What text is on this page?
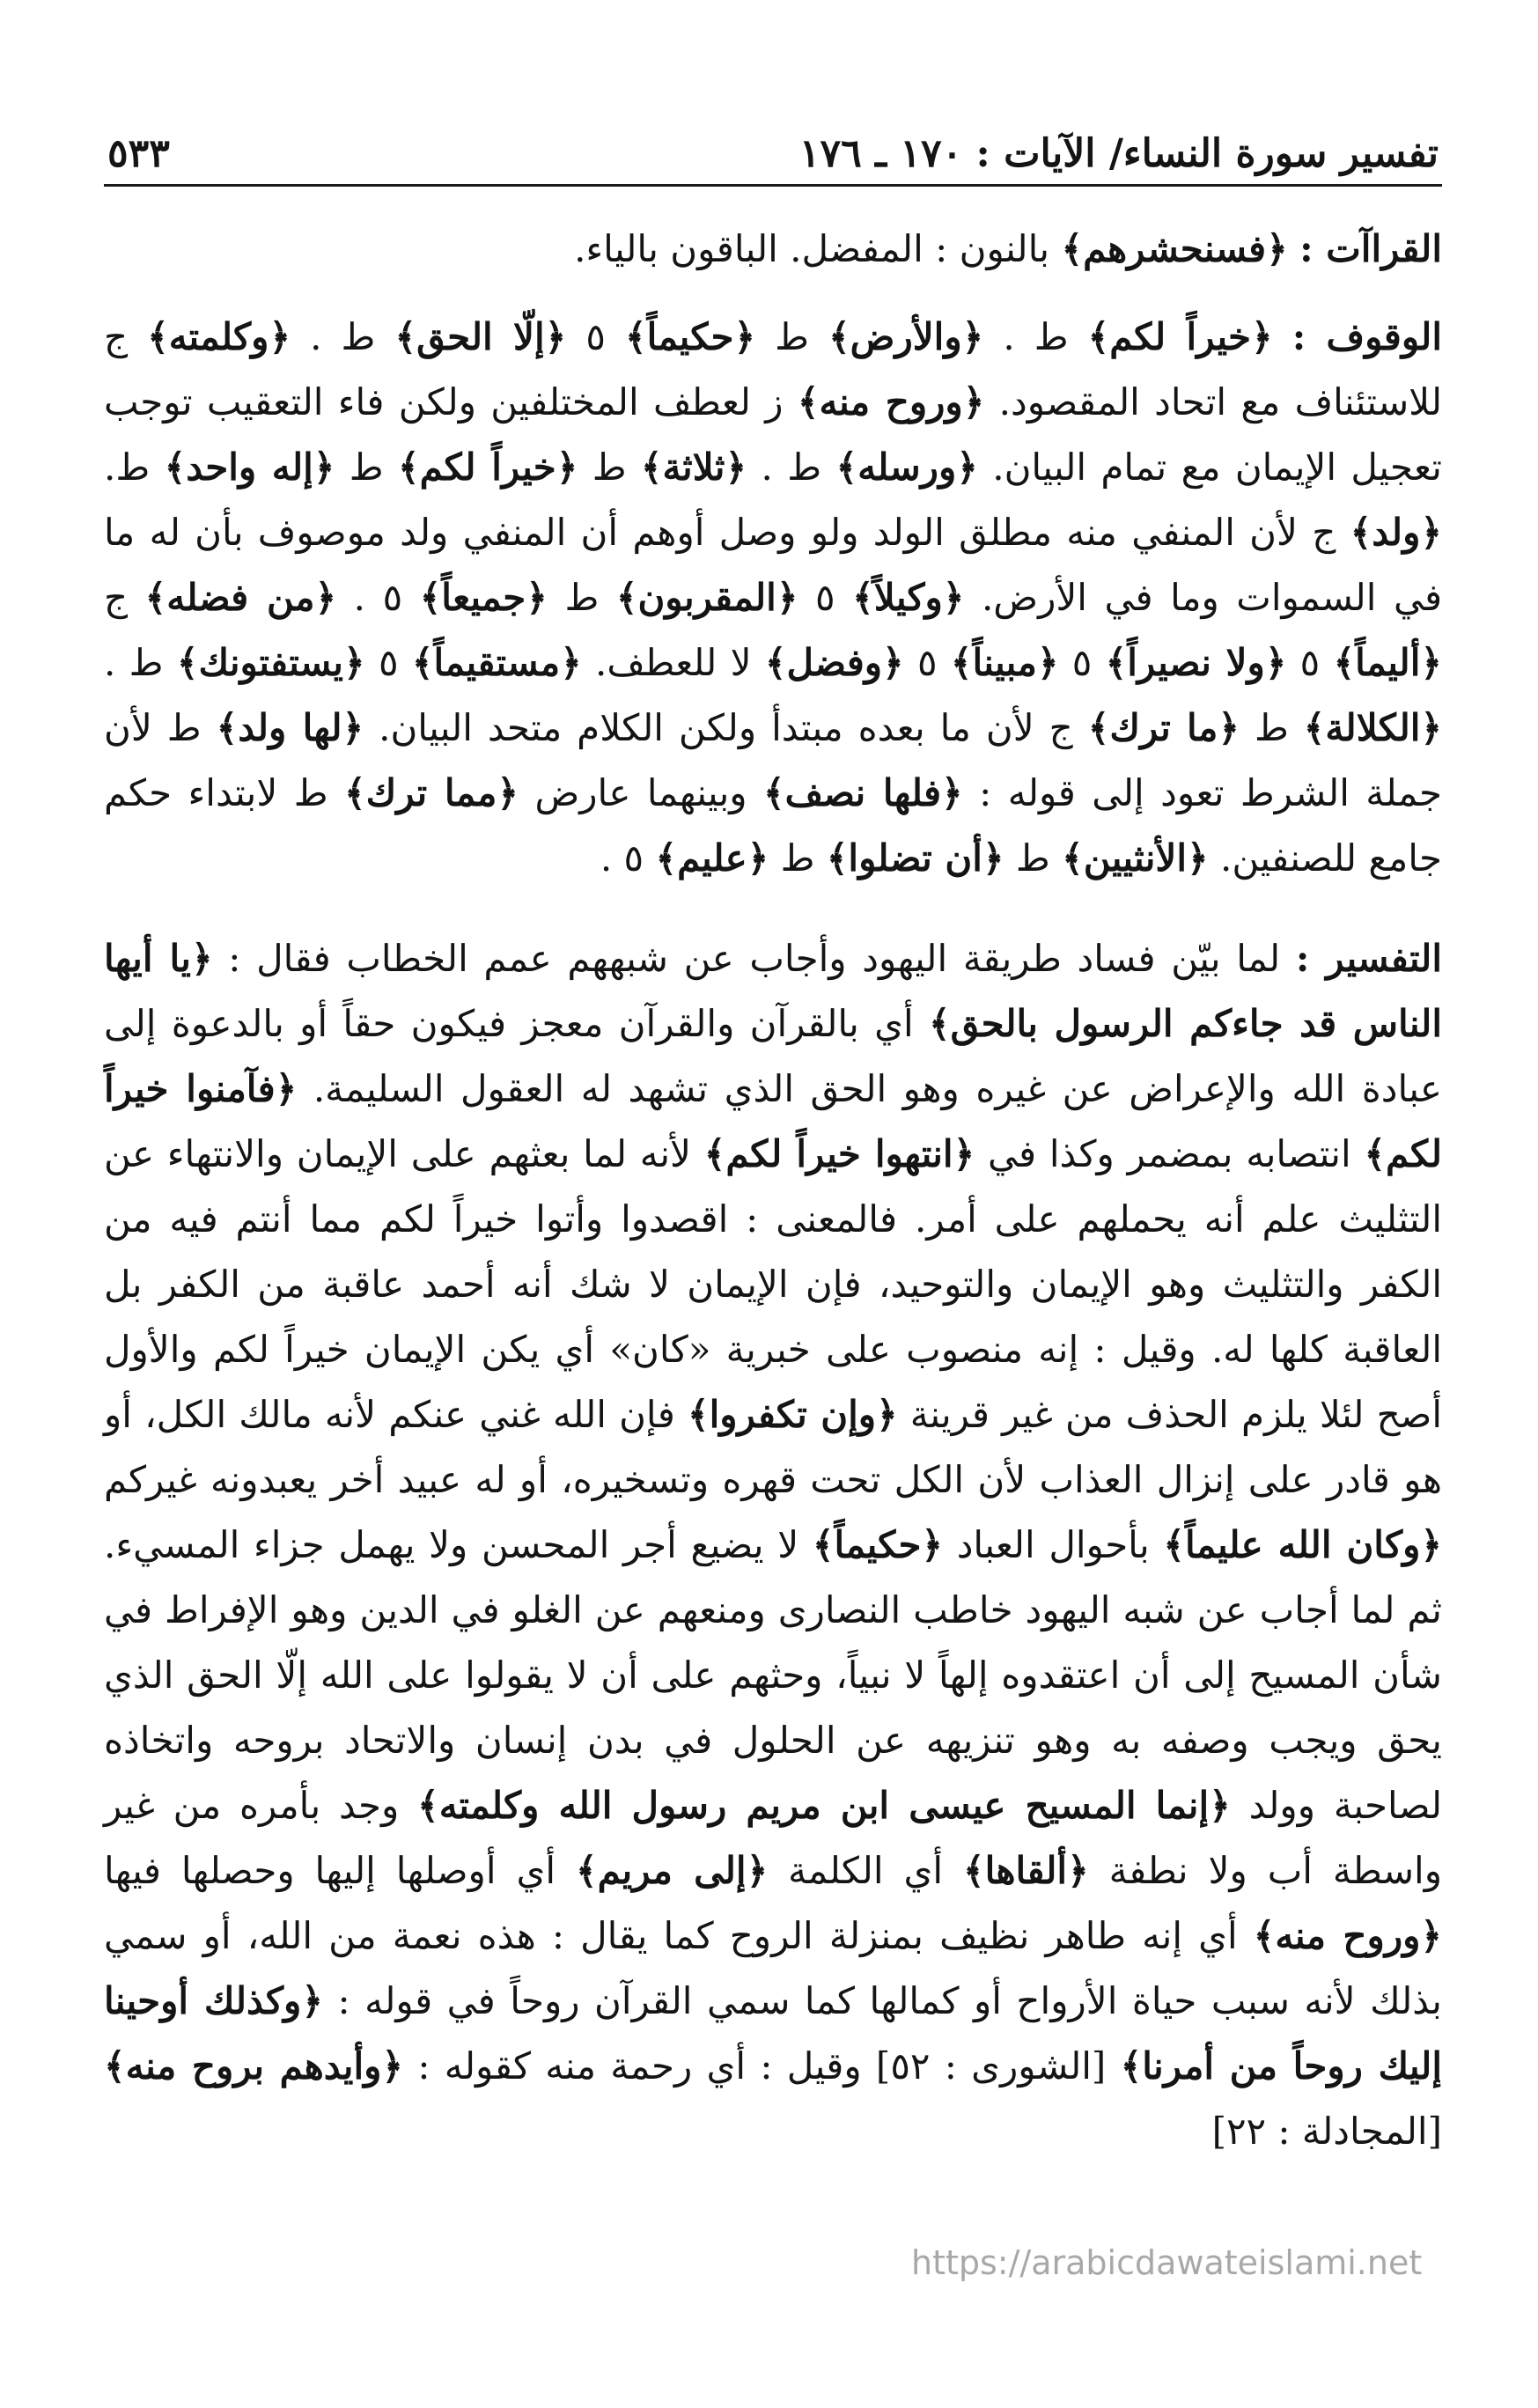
تفسير سورة النساء/ الآيات : ١٧٠ ـ ١٧٦
٥٣٣

القراآت : ﴿فسنحشرهم﴾ بالنون : المفضل. الباقون بالياء.

الوقوف : ﴿خيراً لكم﴾ ط . ﴿والأرض﴾ ط ﴿حكيماً﴾ ٥ ﴿إلّا الحق﴾ ط . ﴿وكلمته﴾ ج للاستئناف مع اتحاد المقصود. ﴿وروح منه﴾ ز لعطف المختلفين ولكن فاء التعقيب توجب تعجيل الإيمان مع تمام البيان. ﴿ورسله﴾ ط . ﴿ثلاثة﴾ ط ﴿خيراً لكم﴾ ط ﴿إله واحد﴾ ط. ﴿ولد﴾ ج لأن المنفي منه مطلق الولد ولو وصل أوهم أن المنفي ولد موصوف بأن له ما في السموات وما في الأرض. ﴿وكيلاً﴾ ٥ ﴿المقربون﴾ ط ﴿جميعاً﴾ ٥ . ﴿من فضله﴾ ج ﴿أليماً﴾ ٥ ﴿ولا نصيراً﴾ ٥ ﴿مبيناً﴾ ٥ ﴿وفضل﴾ لا للعطف. ﴿مستقيماً﴾ ٥ ﴿يستفتونك﴾ ط . ﴿الكلالة﴾ ط ﴿ما ترك﴾ ج لأن ما بعده مبتدأ ولكن الكلام متحد البيان. ﴿لها ولد﴾ ط لأن جملة الشرط تعود إلى قوله : ﴿فلها نصف﴾ وبينهما عارض ﴿مما ترك﴾ ط لابتداء حكم جامع للصنفين. ﴿الأنثيين﴾ ط ﴿أن تضلوا﴾ ط ﴿عليم﴾ ٥ .

التفسير : لما بيّن فساد طريقة اليهود وأجاب عن شبههم عمم الخطاب فقال : ﴿يا أيها الناس قد جاءكم الرسول بالحق﴾ أي بالقرآن والقرآن معجز فيكون حقاً أو بالدعوة إلى عبادة الله والإعراض عن غيره وهو الحق الذي تشهد له العقول السليمة. ﴿فآمنوا خيراً لكم﴾ انتصابه بمضمر وكذا في ﴿انتهوا خيراً لكم﴾ لأنه لما بعثهم على الإيمان والانتهاء عن التثليث علم أنه يحملهم على أمر. فالمعنى : اقصدوا وأتوا خيراً لكم مما أنتم فيه من الكفر والتثليث وهو الإيمان والتوحيد، فإن الإيمان لا شك أنه أحمد عاقبة من الكفر بل العاقبة كلها له. وقيل : إنه منصوب على خبرية «كان» أي يكن الإيمان خيراً لكم والأول أصح لئلا يلزم الحذف من غير قرينة ﴿وإن تكفروا﴾ فإن الله غني عنكم لأنه مالك الكل، أو هو قادر على إنزال العذاب لأن الكل تحت قهره وتسخيره، أو له عبيد أخر يعبدونه غيركم ﴿وكان الله عليماً﴾ بأحوال العباد ﴿حكيماً﴾ لا يضيع أجر المحسن ولا يهمل جزاء المسيء. ثم لما أجاب عن شبه اليهود خاطب النصارى ومنعهم عن الغلو في الدين وهو الإفراط في شأن المسيح إلى أن اعتقدوه إلهاً لا نبياً، وحثهم على أن لا يقولوا على الله إلّا الحق الذي يحق ويجب وصفه به وهو تنزيهه عن الحلول في بدن إنسان والاتحاد بروحه واتخاذه لصاحبة وولد ﴿إنما المسيح عيسى ابن مريم رسول الله وكلمته﴾ وجد بأمره من غير واسطة أب ولا نطفة ﴿ألقاها﴾ أي الكلمة ﴿إلى مريم﴾ أي أوصلها إليها وحصلها فيها ﴿وروح منه﴾ أي إنه طاهر نظيف بمنزلة الروح كما يقال : هذه نعمة من الله، أو سمي بذلك لأنه سبب حياة الأرواح أو كمالها كما سمي القرآن روحاً في قوله : ﴿وكذلك أوحينا إليك روحاً من أمرنا﴾ [الشورى : ٥٢] وقيل : أي رحمة منه كقوله : ﴿وأيدهم بروح منه﴾ [المجادلة : ٢٢]

https://arabicdawateislami.net
